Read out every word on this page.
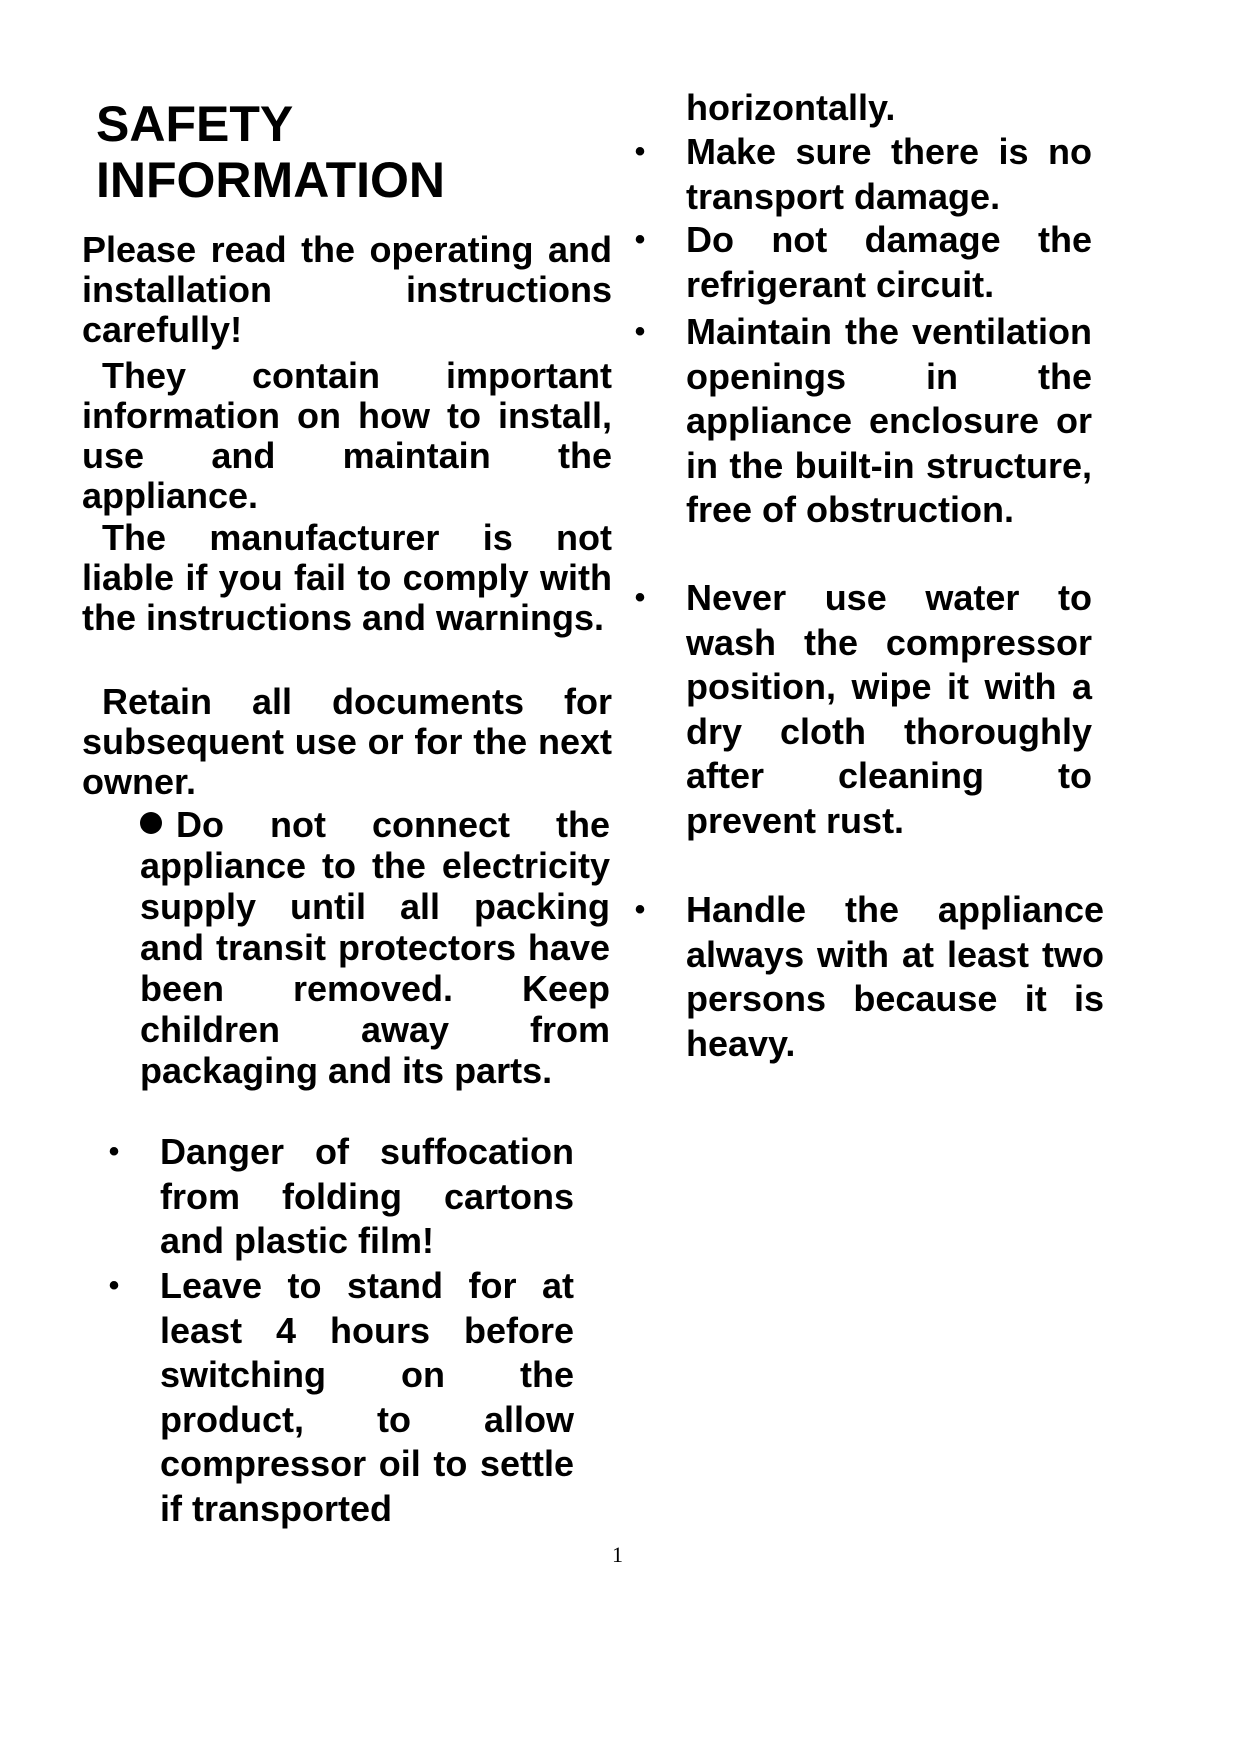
SAFETY
INFORMATION

Please read the operating and installation instructions carefully!

They contain important information on how to install, use and maintain the appliance.

The manufacturer is not liable if you fail to comply with the instructions and warnings.

Retain all documents for subsequent use or for the next owner.

Do not connect the appliance to the electricity supply until all packing and transit protectors have been removed. Keep children away from packaging and its parts.

• Danger of suffocation from folding cartons and plastic film!

• Leave to stand for at least 4 hours before switching on the product, to allow compressor oil to settle if transported

horizontally.

• Make sure there is no transport damage.

• Do not damage the refrigerant circuit.

• Maintain the ventilation openings in the appliance enclosure or in the built-in structure, free of obstruction.

• Never use water to wash the compressor position, wipe it with a dry cloth thoroughly after cleaning to prevent rust.

• Handle the appliance always with at least two persons because it is heavy.

1
